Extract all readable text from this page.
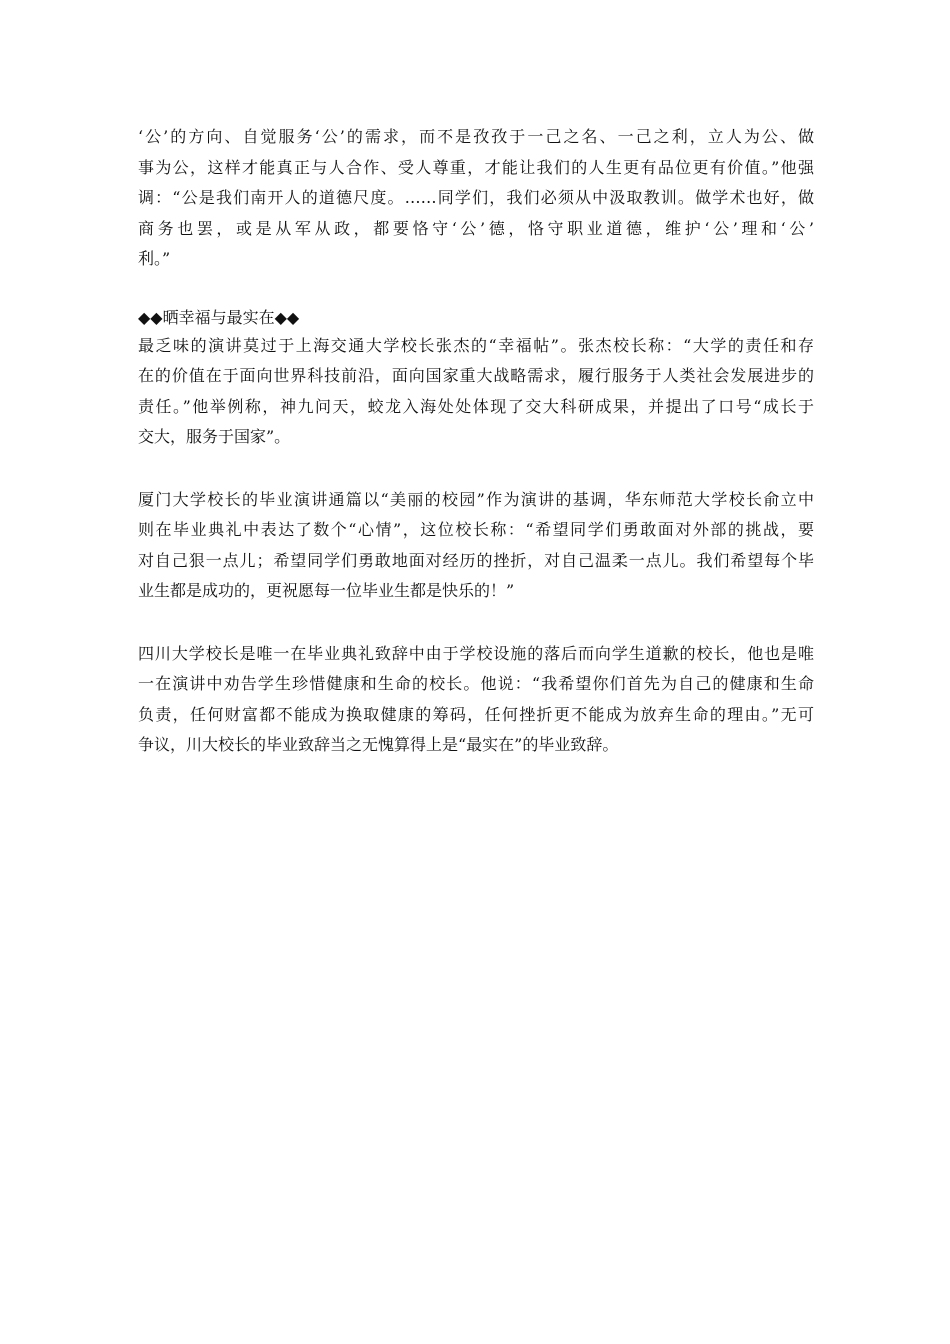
‘公’的方向、自觉服务‘公’的需求，而不是孜孜于一己之名、一己之利，立人为公、做
事为公，这样才能真正与人合作、受人尊重，才能让我们的人生更有品位更有价值。”他强
调：“公是我们南开人的道德尺度。……同学们，我们必须从中汲取教训。做学术也好，做
商务也罢，或是从军从政，都要恪守‘公’德，恪守职业道德，维护‘公’理和‘公’
利。”

◆◆晒幸福与最实在◆◆

最乏味的演讲莫过于上海交通大学校长张杰的“幸福帖”。张杰校长称：“大学的责任和存
在的价值在于面向世界科技前沿，面向国家重大战略需求，履行服务于人类社会发展进步的
责任。”他举例称，神九问天，蛟龙入海处处体现了交大科研成果，并提出了口号“成长于
交大，服务于国家”。

厦门大学校长的毕业演讲通篇以“美丽的校园”作为演讲的基调，华东师范大学校长俞立中
则在毕业典礼中表达了数个“心情”，这位校长称：“希望同学们勇敢面对外部的挑战，要
对自己狠一点儿；希望同学们勇敢地面对经历的挫折，对自己温柔一点儿。我们希望每个毕
业生都是成功的，更祝愿每一位毕业生都是快乐的！”

四川大学校长是唯一在毕业典礼致辞中由于学校设施的落后而向学生道歉的校长，他也是唯
一在演讲中劝告学生珍惜健康和生命的校长。他说：“我希望你们首先为自己的健康和生命
负责，任何财富都不能成为换取健康的筹码，任何挫折更不能成为放弃生命的理由。”无可
争议，川大校长的毕业致辞当之无愧算得上是“最实在”的毕业致辞。
